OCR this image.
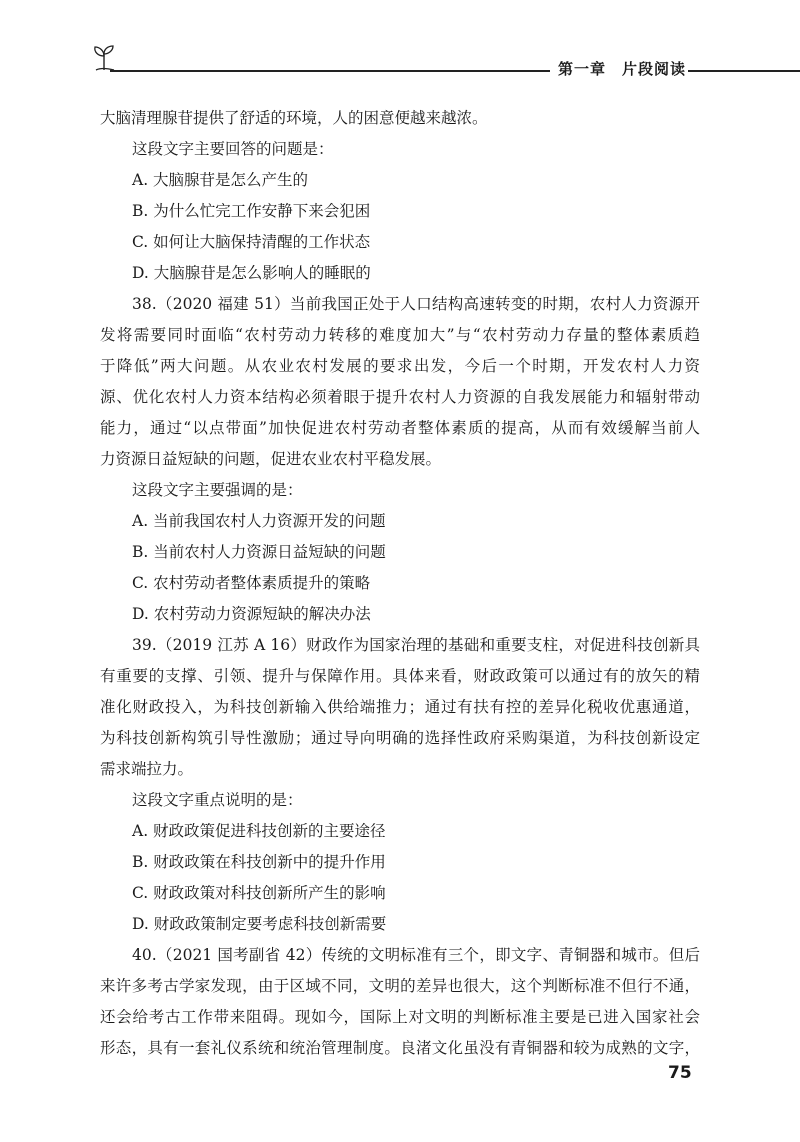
第一章 片段阅读
大脑清理腺苷提供了舒适的环境，人的困意便越来越浓。
这段文字主要回答的问题是：
A. 大脑腺苷是怎么产生的
B. 为什么忙完工作安静下来会犯困
C. 如何让大脑保持清醒的工作状态
D. 大脑腺苷是怎么影响人的睡眠的
38.（2020 福建 51）当前我国正处于人口结构高速转变的时期，农村人力资源开
发将需要同时面临“农村劳动力转移的难度加大”与“农村劳动力存量的整体素质趋
于降低”两大问题。从农业农村发展的要求出发，今后一个时期，开发农村人力资
源、优化农村人力资本结构必须着眼于提升农村人力资源的自我发展能力和辐射带动
能力，通过“以点带面”加快促进农村劳动者整体素质的提高，从而有效缓解当前人
力资源日益短缺的问题，促进农业农村平稳发展。
这段文字主要强调的是：
A. 当前我国农村人力资源开发的问题
B. 当前农村人力资源日益短缺的问题
C. 农村劳动者整体素质提升的策略
D. 农村劳动力资源短缺的解决办法
39.（2019 江苏 A 16）财政作为国家治理的基础和重要支柱，对促进科技创新具
有重要的支撑、引领、提升与保障作用。具体来看，财政政策可以通过有的放矢的精
准化财政投入，为科技创新输入供给端推力；通过有扶有控的差异化税收优惠通道，
为科技创新构筑引导性激励；通过导向明确的选择性政府采购渠道，为科技创新设定
需求端拉力。
这段文字重点说明的是：
A. 财政政策促进科技创新的主要途径
B. 财政政策在科技创新中的提升作用
C. 财政政策对科技创新所产生的影响
D. 财政政策制定要考虑科技创新需要
40.（2021 国考副省 42）传统的文明标准有三个，即文字、青铜器和城市。但后
来许多考古学家发现，由于区域不同，文明的差异也很大，这个判断标准不但行不通，
还会给考古工作带来阻碍。现如今，国际上对文明的判断标准主要是已进入国家社会
形态，具有一套礼仪系统和统治管理制度。良渚文化虽没有青铜器和较为成熟的文字，
75
